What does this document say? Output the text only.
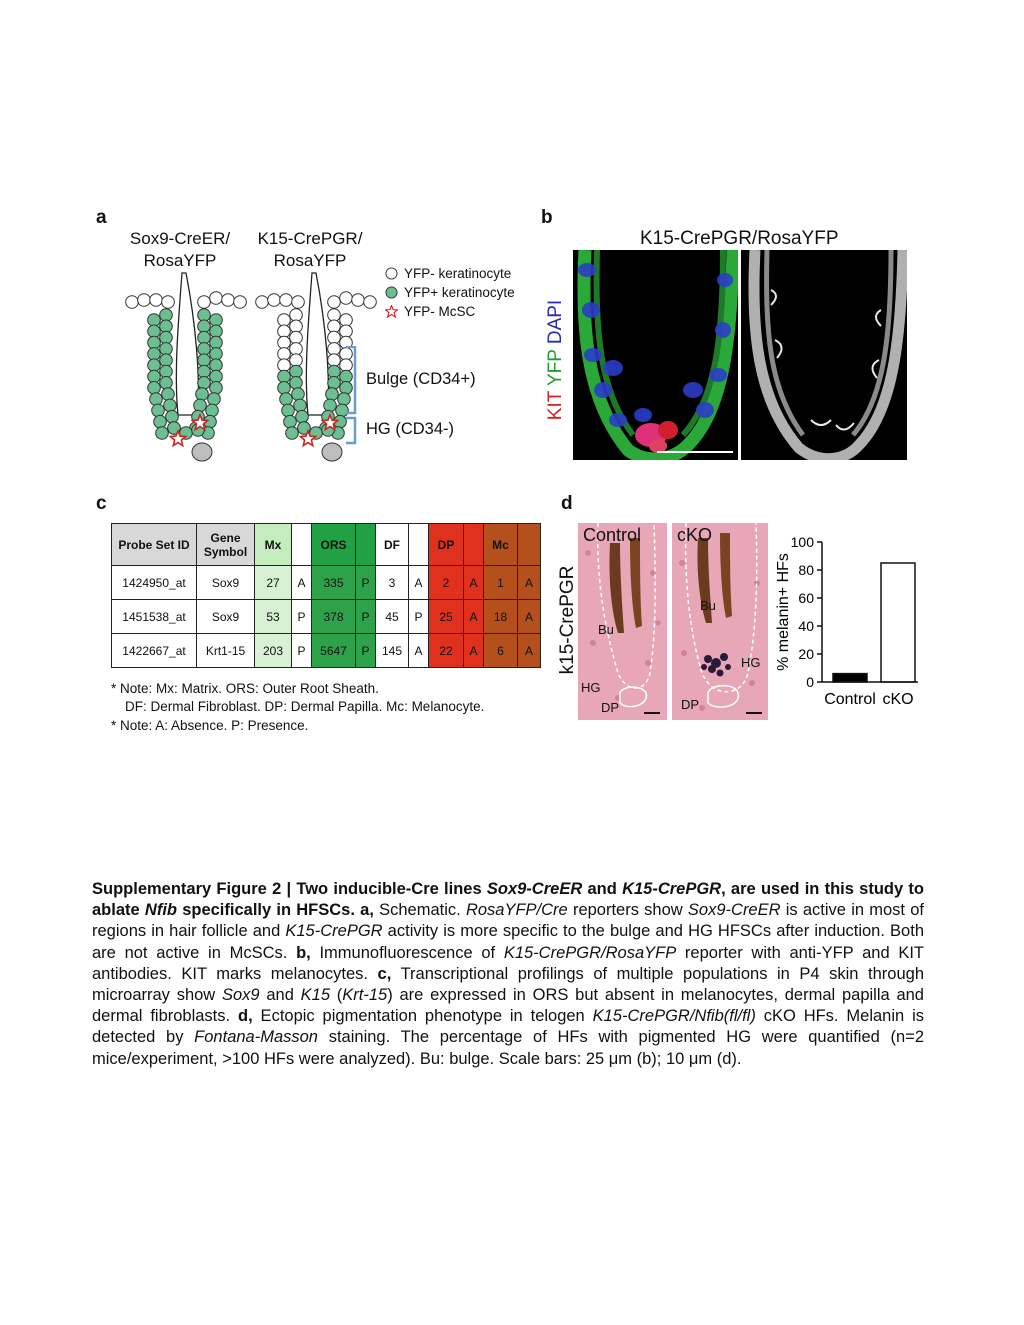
a
Sox9-CreER/
RosaYFP
K15-CrePGR/
RosaYFP
YFP- keratinocyte
YFP+ keratinocyte
YFP- McSC
Bulge (CD34+)
HG (CD34-)
b
K15-CrePGR/RosaYFP
KIT YFP DAPI
c
Probe Set ID	Gene Symbol	Mx		ORS		DF		DP		Mc	
1424950_at	Sox9	27	A	335	P	3	A	2	A	1	A
1451538_at	Sox9	53	P	378	P	45	P	25	A	18	A
1422667_at	Krt1-15	203	P	5647	P	145	A	22	A	6	A
* Note: Mx: Matrix. ORS: Outer Root Sheath.
DF: Dermal Fibroblast. DP: Dermal Papilla. Mc: Melanocyte.
* Note: A: Absence. P: Presence.
d
k15-CrePGR
Control
Bu
HG
DP
cKO
Bu
HG
DP
0
20
40
60
80
100
Control cKO
% melanin+ HFs
Supplementary Figure 2 | Two inducible-Cre lines Sox9-CreER and K15-CrePGR, are used in this study to ablate Nfib specifically in HFSCs. a, Schematic. RosaYFP/Cre reporters show Sox9-CreER is active in most of regions in hair follicle and K15-CrePGR activity is more specific to the bulge and HG HFSCs after induction. Both are not active in McSCs. b, Immunofluorescence of K15-CrePGR/RosaYFP reporter with anti-YFP and KIT antibodies. KIT marks melanocytes. c, Transcriptional profilings of multiple populations in P4 skin through microarray show Sox9 and K15 (Krt-15) are expressed in ORS but absent in melanocytes, dermal papilla and dermal fibroblasts. d, Ectopic pigmentation phenotype in telogen K15-CrePGR/Nfib(fl/fl) cKO HFs. Melanin is detected by Fontana-Masson staining. The percentage of HFs with pigmented HG were quantified (n=2 mice/experiment, >100 HFs were analyzed). Bu: bulge. Scale bars: 25 μm (b); 10 μm (d).
